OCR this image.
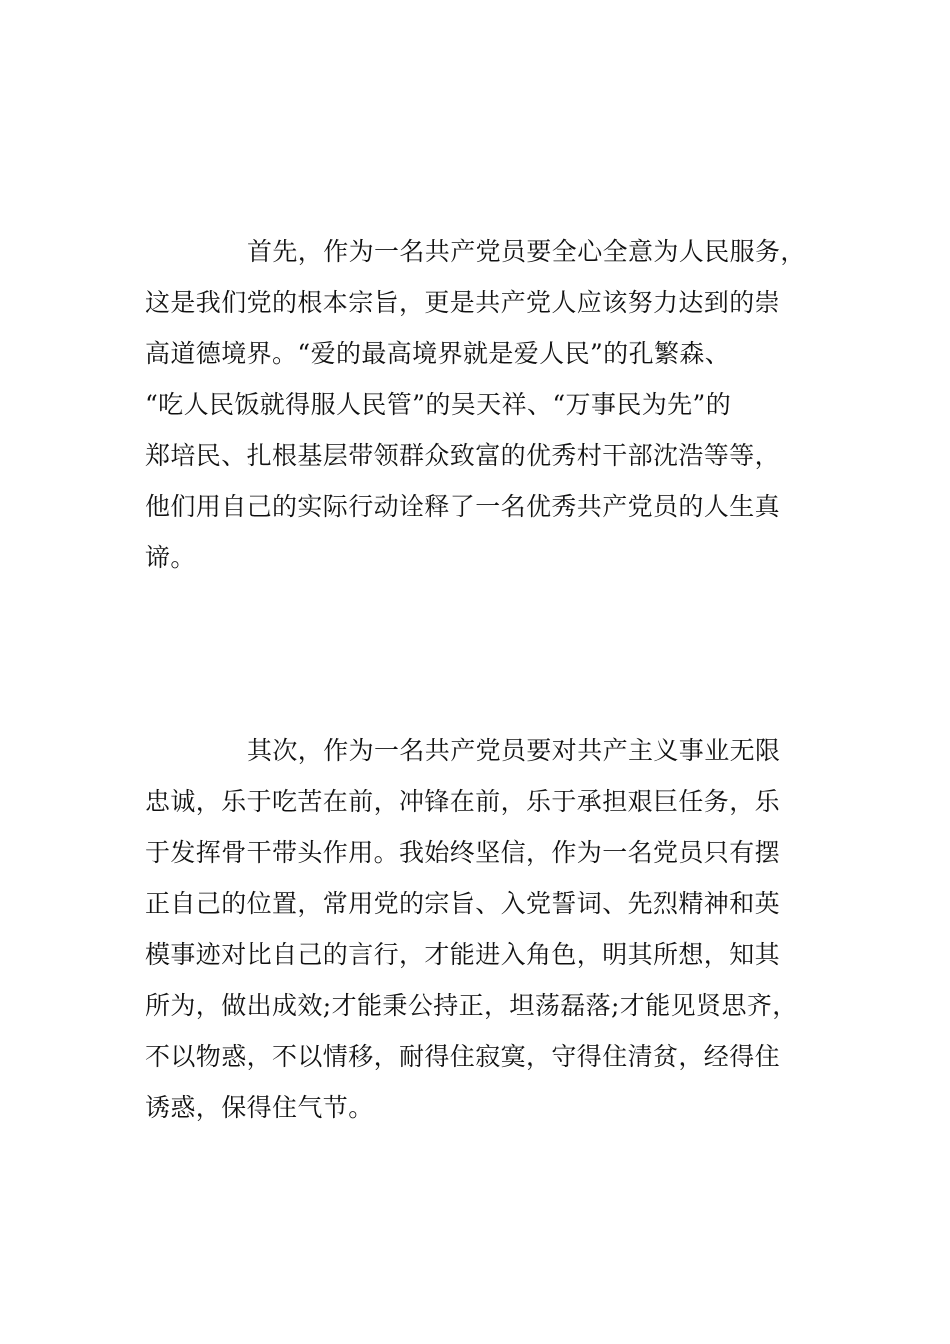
首先，作为一名共产党员要全心全意为人民服务，
这是我们党的根本宗旨，更是共产党人应该努力达到的崇
高道德境界。“爱的最高境界就是爱人民”的孔繁森、
“吃人民饭就得服人民管”的吴天祥、“万事民为先”的
郑培民、扎根基层带领群众致富的优秀村干部沈浩等等，
他们用自己的实际行动诠释了一名优秀共产党员的人生真
谛。

其次，作为一名共产党员要对共产主义事业无限
忠诚，乐于吃苦在前，冲锋在前，乐于承担艰巨任务，乐
于发挥骨干带头作用。我始终坚信，作为一名党员只有摆
正自己的位置，常用党的宗旨、入党誓词、先烈精神和英
模事迹对比自己的言行，才能进入角色，明其所想，知其
所为，做出成效;才能秉公持正，坦荡磊落;才能见贤思齐，
不以物惑，不以情移，耐得住寂寞，守得住清贫，经得住
诱惑，保得住气节。
